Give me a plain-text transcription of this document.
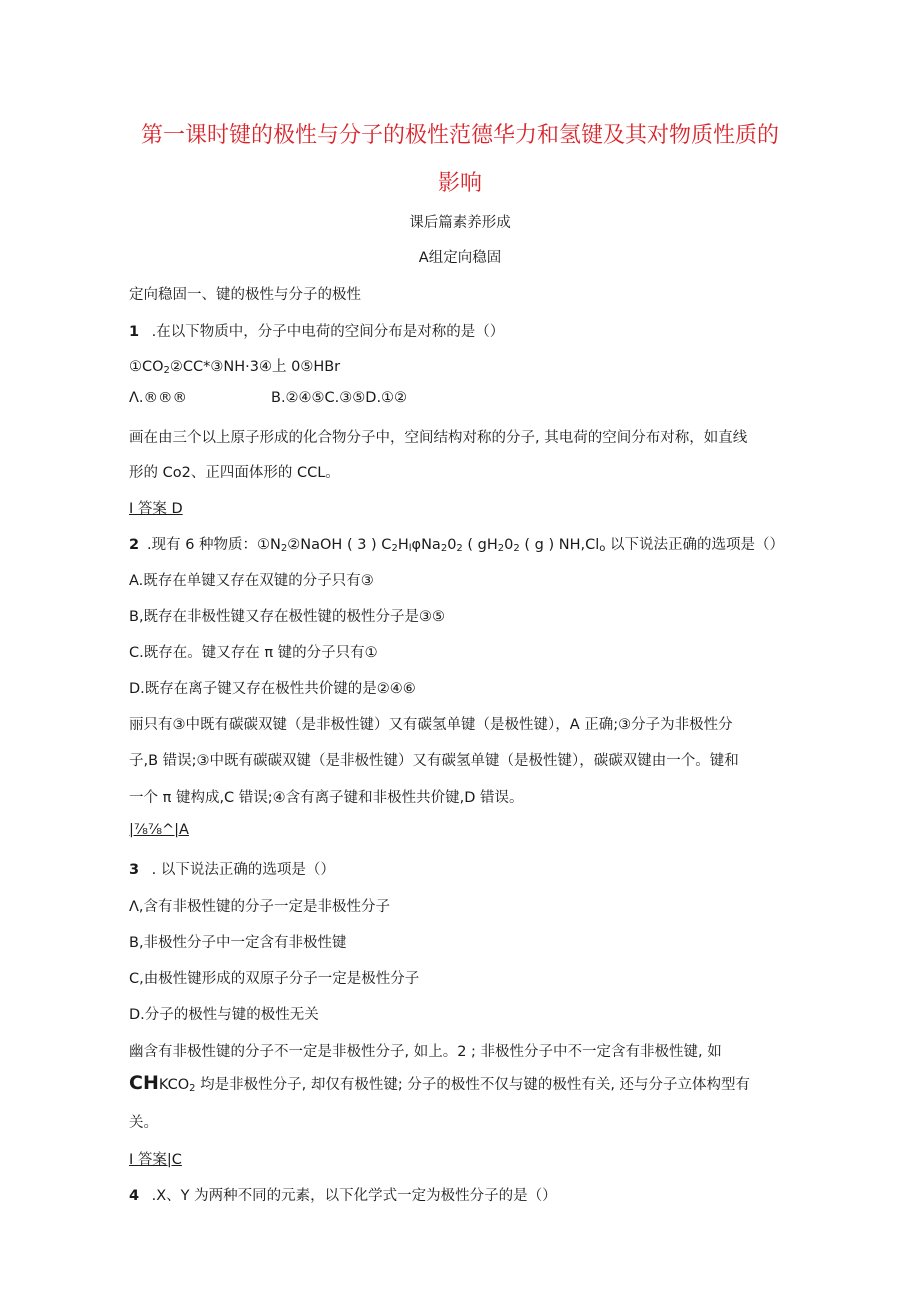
第一课时键的极性与分子的极性范德华力和氢键及其对物质性质的
影响
课后篇素养形成
A组定向稳固
定向稳固一、键的极性与分子的极性
1 .在以下物质中，分子中电荷的空间分布是对称的是（）
$①CO_2②CC*③NH\cdot 3④$上 0⑤HBr
Λ.®®®	B.②④⑤C.③⑤D.①②
画在由三个以上原子形成的化合物分子中，空间结构对称的分子, 其电荷的空间分布对称，如直线
形的 Co2、正四面体形的 CCL。
I 答案 D
2 .现有 6 种物质：$①N_2②NaOH$ ( 3 ) $C_2H_l\varphi Na_20_2$ ( $gH_20_2$ ( g ) $NH,Cl_o$ 以下说法正确的选项是（）
A.既存在单键又存在双键的分子只有③
B,既存在非极性键又存在极性键的极性分子是③⑤
C.既存在。键又存在 π 键的分子只有①
D.既存在离子键又存在极性共价键的是②④⑥
丽只有③中既有碳碳双键（是非极性键）又有碳氢单键（是极性键），A 正确;③分子为非极性分
子,B 错误;③中既有碳碳双键（是非极性键）又有碳氢单键（是极性键），碳碳双键由一个。键和
一个 π 键构成,C 错误;④含有离子键和非极性共价键,D 错误。
|⅞⅞^|A
3 . 以下说法正确的选项是（）
Λ,含有非极性键的分子一定是非极性分子
B,非极性分子中一定含有非极性键
C,由极性键形成的双原子分子一定是极性分子
D.分子的极性与键的极性无关
幽含有非极性键的分子不一定是非极性分子, 如上。2 ; 非极性分子中不一定含有非极性键, 如
$CHKCO_2$ 均是非极性分子, 却仅有极性键; 分子的极性不仅与键的极性有关, 还与分子立体构型有
关。
I 答案|C
4 .X、Y 为两种不同的元素，以下化学式一定为极性分子的是（）
